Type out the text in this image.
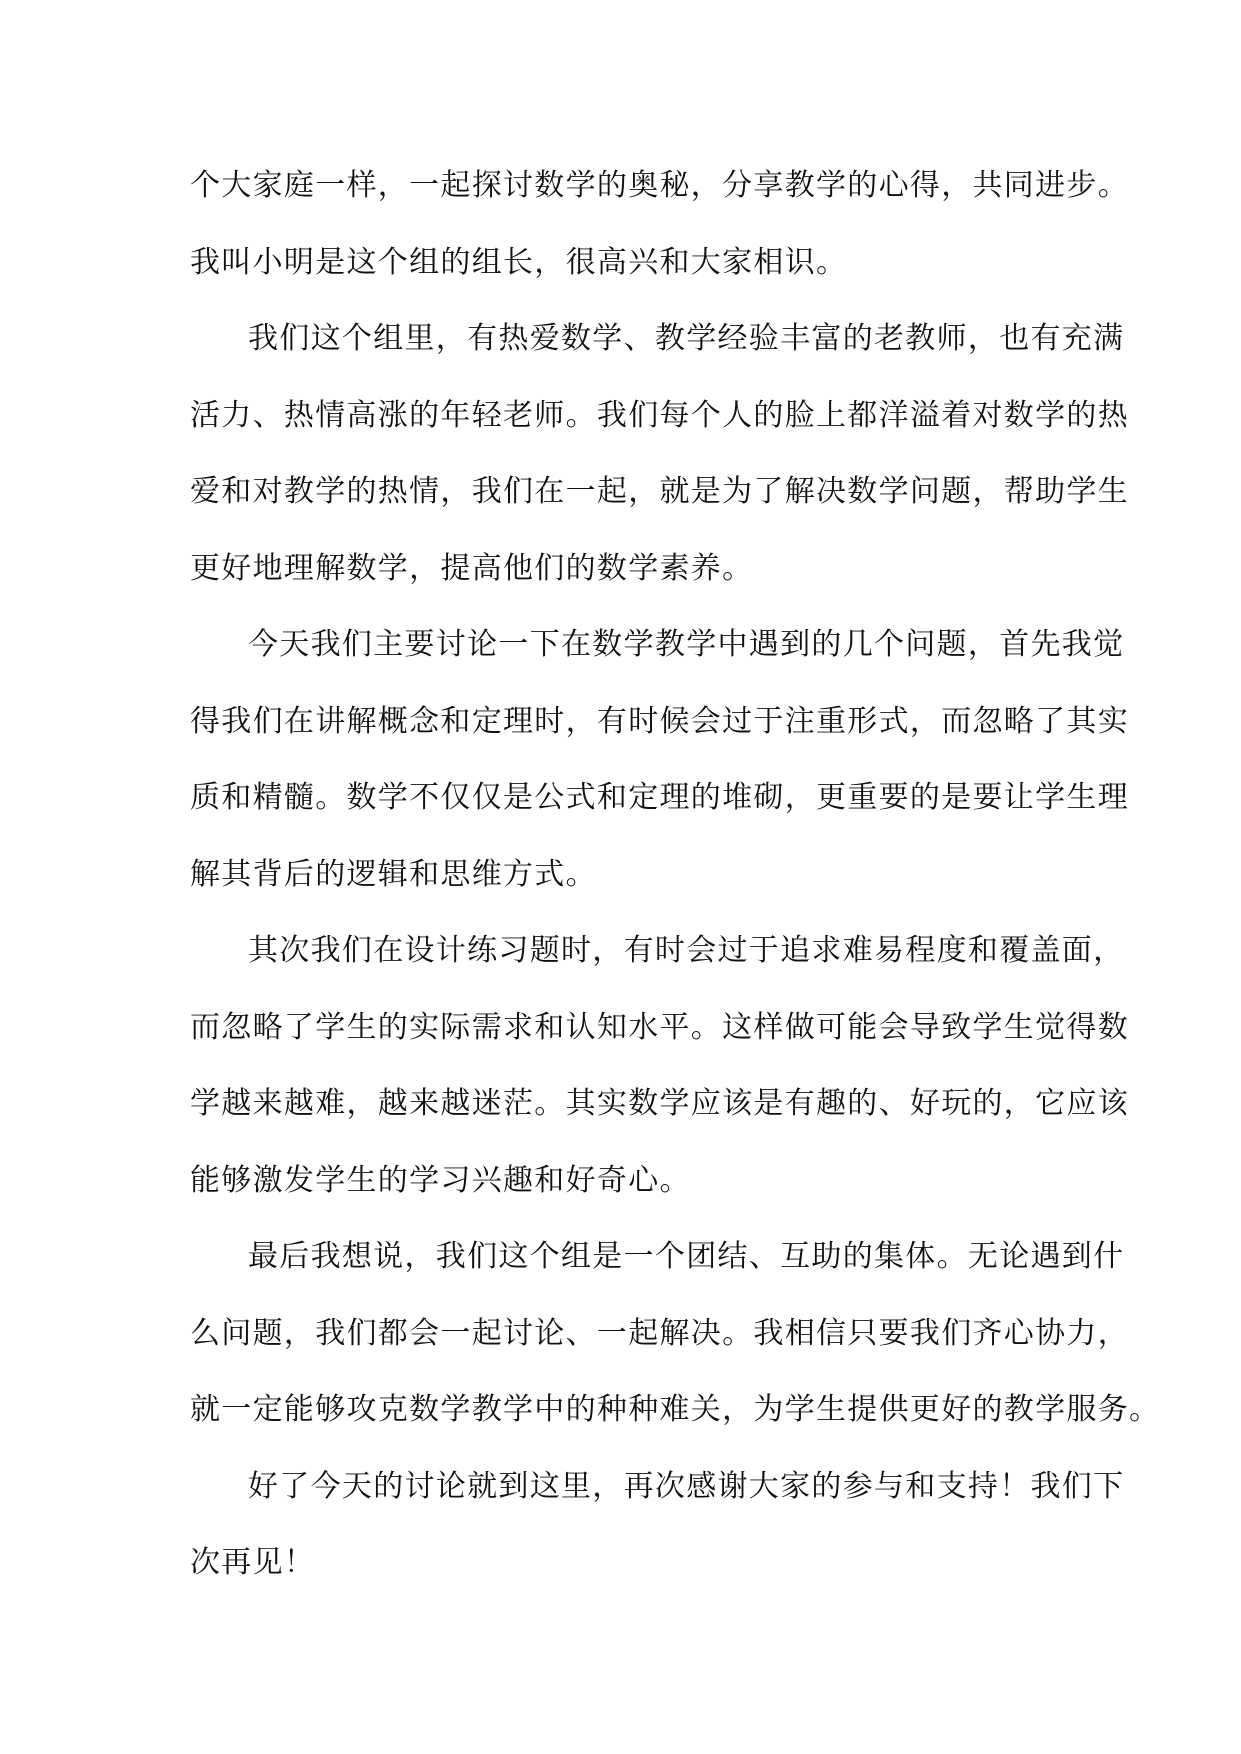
个大家庭一样，一起探讨数学的奥秘，分享教学的心得，共同进步。
我叫小明是这个组的组长，很高兴和大家相识。
我们这个组里，有热爱数学、教学经验丰富的老教师，也有充满
活力、热情高涨的年轻老师。我们每个人的脸上都洋溢着对数学的热
爱和对教学的热情，我们在一起，就是为了解决数学问题，帮助学生
更好地理解数学，提高他们的数学素养。
今天我们主要讨论一下在数学教学中遇到的几个问题，首先我觉
得我们在讲解概念和定理时，有时候会过于注重形式，而忽略了其实
质和精髓。数学不仅仅是公式和定理的堆砌，更重要的是要让学生理
解其背后的逻辑和思维方式。
其次我们在设计练习题时，有时会过于追求难易程度和覆盖面，
而忽略了学生的实际需求和认知水平。这样做可能会导致学生觉得数
学越来越难，越来越迷茫。其实数学应该是有趣的、好玩的，它应该
能够激发学生的学习兴趣和好奇心。
最后我想说，我们这个组是一个团结、互助的集体。无论遇到什
么问题，我们都会一起讨论、一起解决。我相信只要我们齐心协力，
就一定能够攻克数学教学中的种种难关，为学生提供更好的教学服务。
好了今天的讨论就到这里，再次感谢大家的参与和支持！我们下
次再见！
